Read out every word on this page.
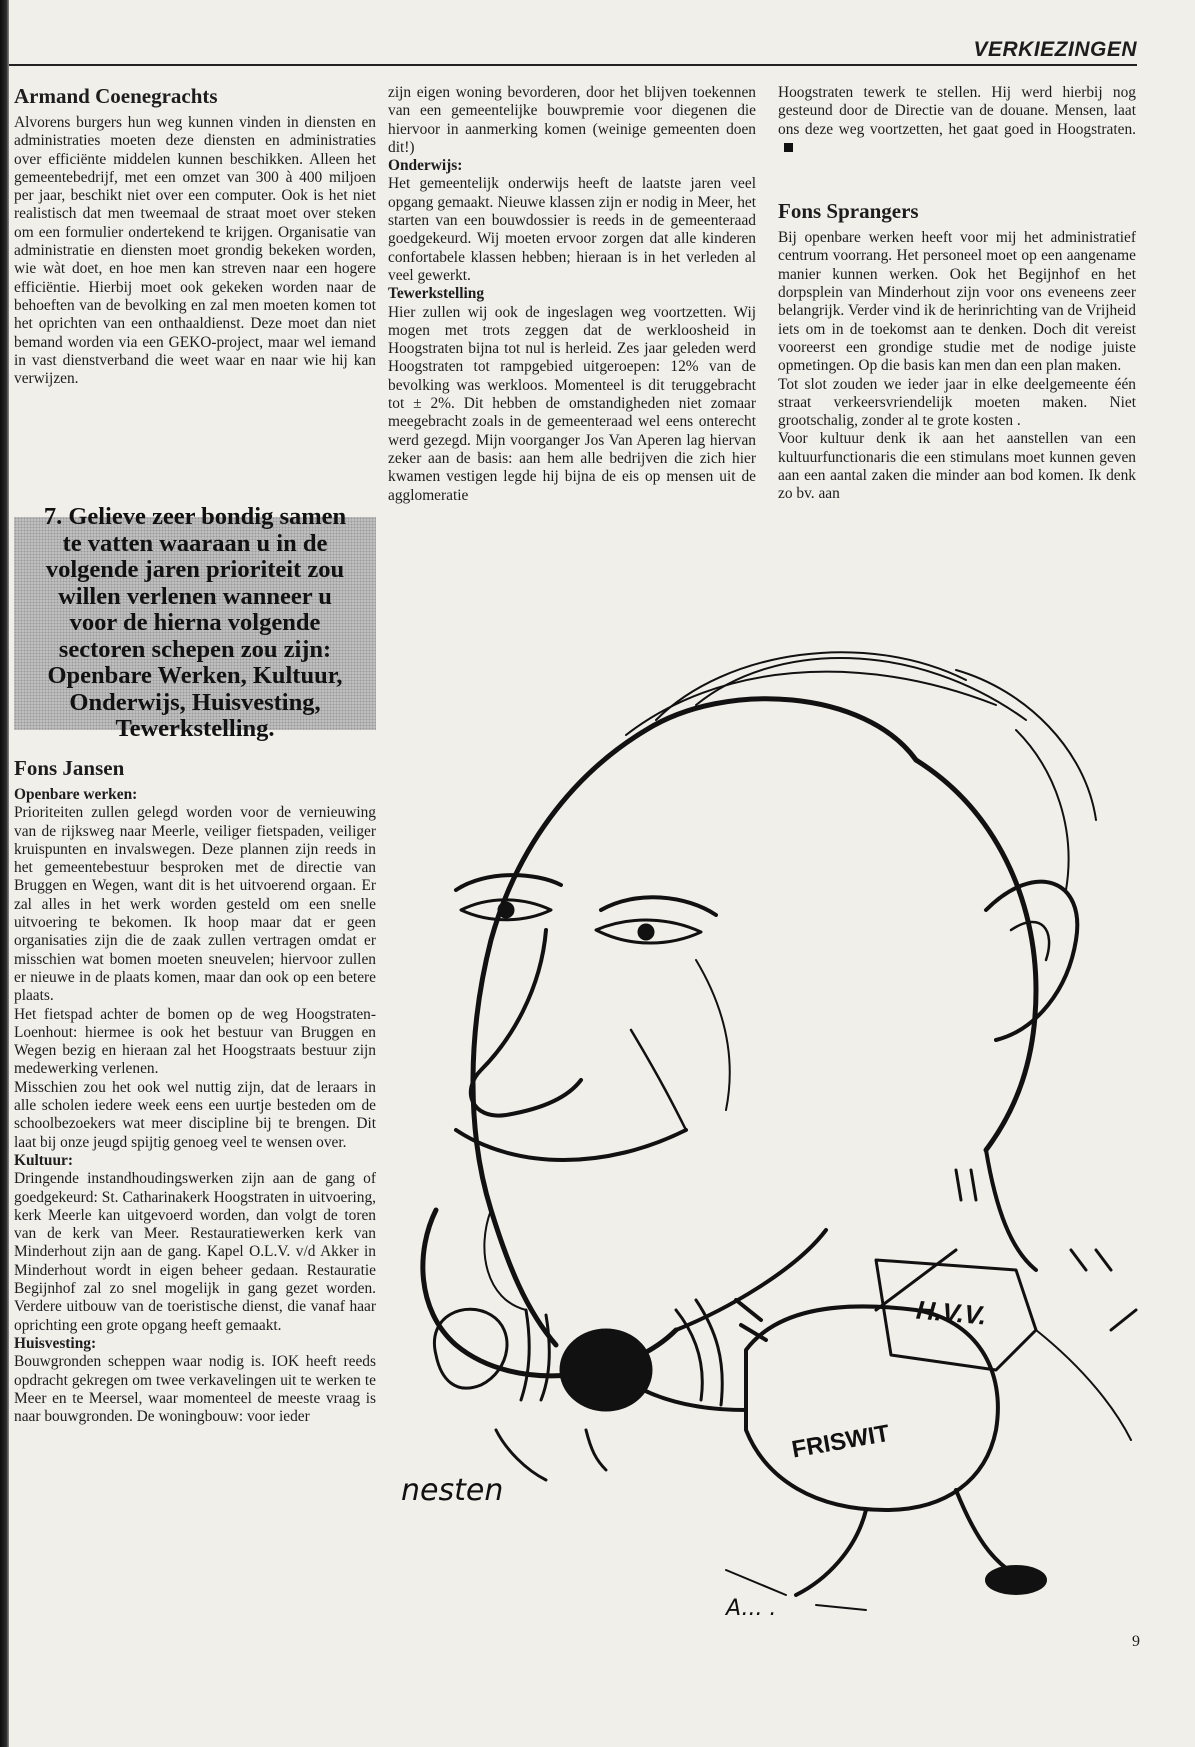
VERKIEZINGEN
Armand Coenegrachts

Alvorens burgers hun weg kunnen vinden in diensten en administraties moeten deze diensten en administraties over efficiënte middelen kunnen beschikken. Alleen het gemeentebedrijf, met een omzet van 300 à 400 miljoen per jaar, beschikt niet over een computer. Ook is het niet realistisch dat men tweemaal de straat moet over steken om een formulier ondertekend te krijgen. Organisatie van administratie en diensten moet grondig bekeken worden, wie wàt doet, en hoe men kan streven naar een hogere efficiëntie. Hierbij moet ook gekeken worden naar de behoeften van de bevolking en zal men moeten komen tot het oprichten van een onthaaldienst. Deze moet dan niet bemand worden via een GEKO-project, maar wel iemand in vast dienstverband die weet waar en naar wie hij kan verwijzen.

7. Gelieve zeer bondig samen te vatten waaraan u in de volgende jaren prioriteit zou willen verlenen wanneer u voor de hierna volgende sectoren schepen zou zijn: Openbare Werken, Kultuur, Onderwijs, Huisvesting, Tewerkstelling.
Fons Jansen
Openbare werken:

Prioriteiten zullen gelegd worden voor de vernieuwing van de rijksweg naar Meerle, veiliger fietspaden, veiliger kruispunten en invalswegen. Deze plannen zijn reeds in het gemeentebestuur besproken met de directie van Bruggen en Wegen, want dit is het uitvoerend orgaan. Er zal alles in het werk worden gesteld om een snelle uitvoering te bekomen. Ik hoop maar dat er geen organisaties zijn die de zaak zullen vertragen omdat er misschien wat bomen moeten sneuvelen; hiervoor zullen er nieuwe in de plaats komen, maar dan ook op een betere plaats.

Het fietspad achter de bomen op de weg Hoogstraten-Loenhout: hiermee is ook het bestuur van Bruggen en Wegen bezig en hieraan zal het Hoogstraats bestuur zijn medewerking verlenen.

Misschien zou het ook wel nuttig zijn, dat de leraars in alle scholen iedere week eens een uurtje besteden om de schoolbezoekers wat meer discipline bij te brengen. Dit laat bij onze jeugd spijtig genoeg veel te wensen over.

Kultuur:

Dringende instandhoudingswerken zijn aan de gang of goedgekeurd: St. Catharinakerk Hoogstraten in uitvoering, kerk Meerle kan uitgevoerd worden, dan volgt de toren van de kerk van Meer. Restauratiewerken kerk van Minderhout zijn aan de gang. Kapel O.L.V. v/d Akker in Minderhout wordt in eigen beheer gedaan. Restauratie Begijnhof zal zo snel mogelijk in gang gezet worden. Verdere uitbouw van de toeristische dienst, die vanaf haar oprichting een grote opgang heeft gemaakt.

Huisvesting:

Bouwgronden scheppen waar nodig is. IOK heeft reeds opdracht gekregen om twee verkavelingen uit te werken te Meer en te Meersel, waar momenteel de meeste vraag is naar bouwgronden. De woningbouw: voor ieder

zijn eigen woning bevorderen, door het blijven toekennen van een gemeentelijke bouwpremie voor diegenen die hiervoor in aanmerking komen (weinige gemeenten doen dit!)

Onderwijs:

Het gemeentelijk onderwijs heeft de laatste jaren veel opgang gemaakt. Nieuwe klassen zijn er nodig in Meer, het starten van een bouwdossier is reeds in de gemeenteraad goedgekeurd. Wij moeten ervoor zorgen dat alle kinderen confortabele klassen hebben; hieraan is in het verleden al veel gewerkt.

Tewerkstelling

Hier zullen wij ook de ingeslagen weg voortzetten. Wij mogen met trots zeggen dat de werkloosheid in Hoogstraten bijna tot nul is herleid. Zes jaar geleden werd Hoogstraten tot rampgebied uitgeroepen: 12% van de bevolking was werkloos. Momenteel is dit teruggebracht tot ± 2%. Dit hebben de omstandigheden niet zomaar meegebracht zoals in de gemeenteraad wel eens onterecht werd gezegd. Mijn voorganger Jos Van Aperen lag hiervan zeker aan de basis: aan hem alle bedrijven die zich hier kwamen vestigen legde hij bijna de eis op mensen uit de agglomeratie

Hoogstraten tewerk te stellen. Hij werd hierbij nog gesteund door de Directie van de douane. Mensen, laat ons deze weg voortzetten, het gaat goed in Hoogstraten.

Fons Sprangers

Bij openbare werken heeft voor mij het administratief centrum voorrang. Het personeel moet op een aangename manier kunnen werken. Ook het Begijnhof en het dorpsplein van Minderhout zijn voor ons eveneens zeer belangrijk. Verder vind ik de herinrichting van de Vrijheid iets om in de toekomst aan te denken. Doch dit vereist vooreerst een grondige studie met de nodige juiste opmetingen. Op die basis kan men dan een plan maken.

Tot slot zouden we ieder jaar in elke deelgemeente één straat verkeersvriendelijk moeten maken. Niet grootschalig, zonder al te grote kosten .

Voor kultuur denk ik aan het aanstellen van een kultuurfunctionaris die een stimulans moet kunnen geven aan een aantal zaken die minder aan bod komen. Ik denk zo bv. aan

H.V.V.
FRISWIT
nesten
A... .
9
